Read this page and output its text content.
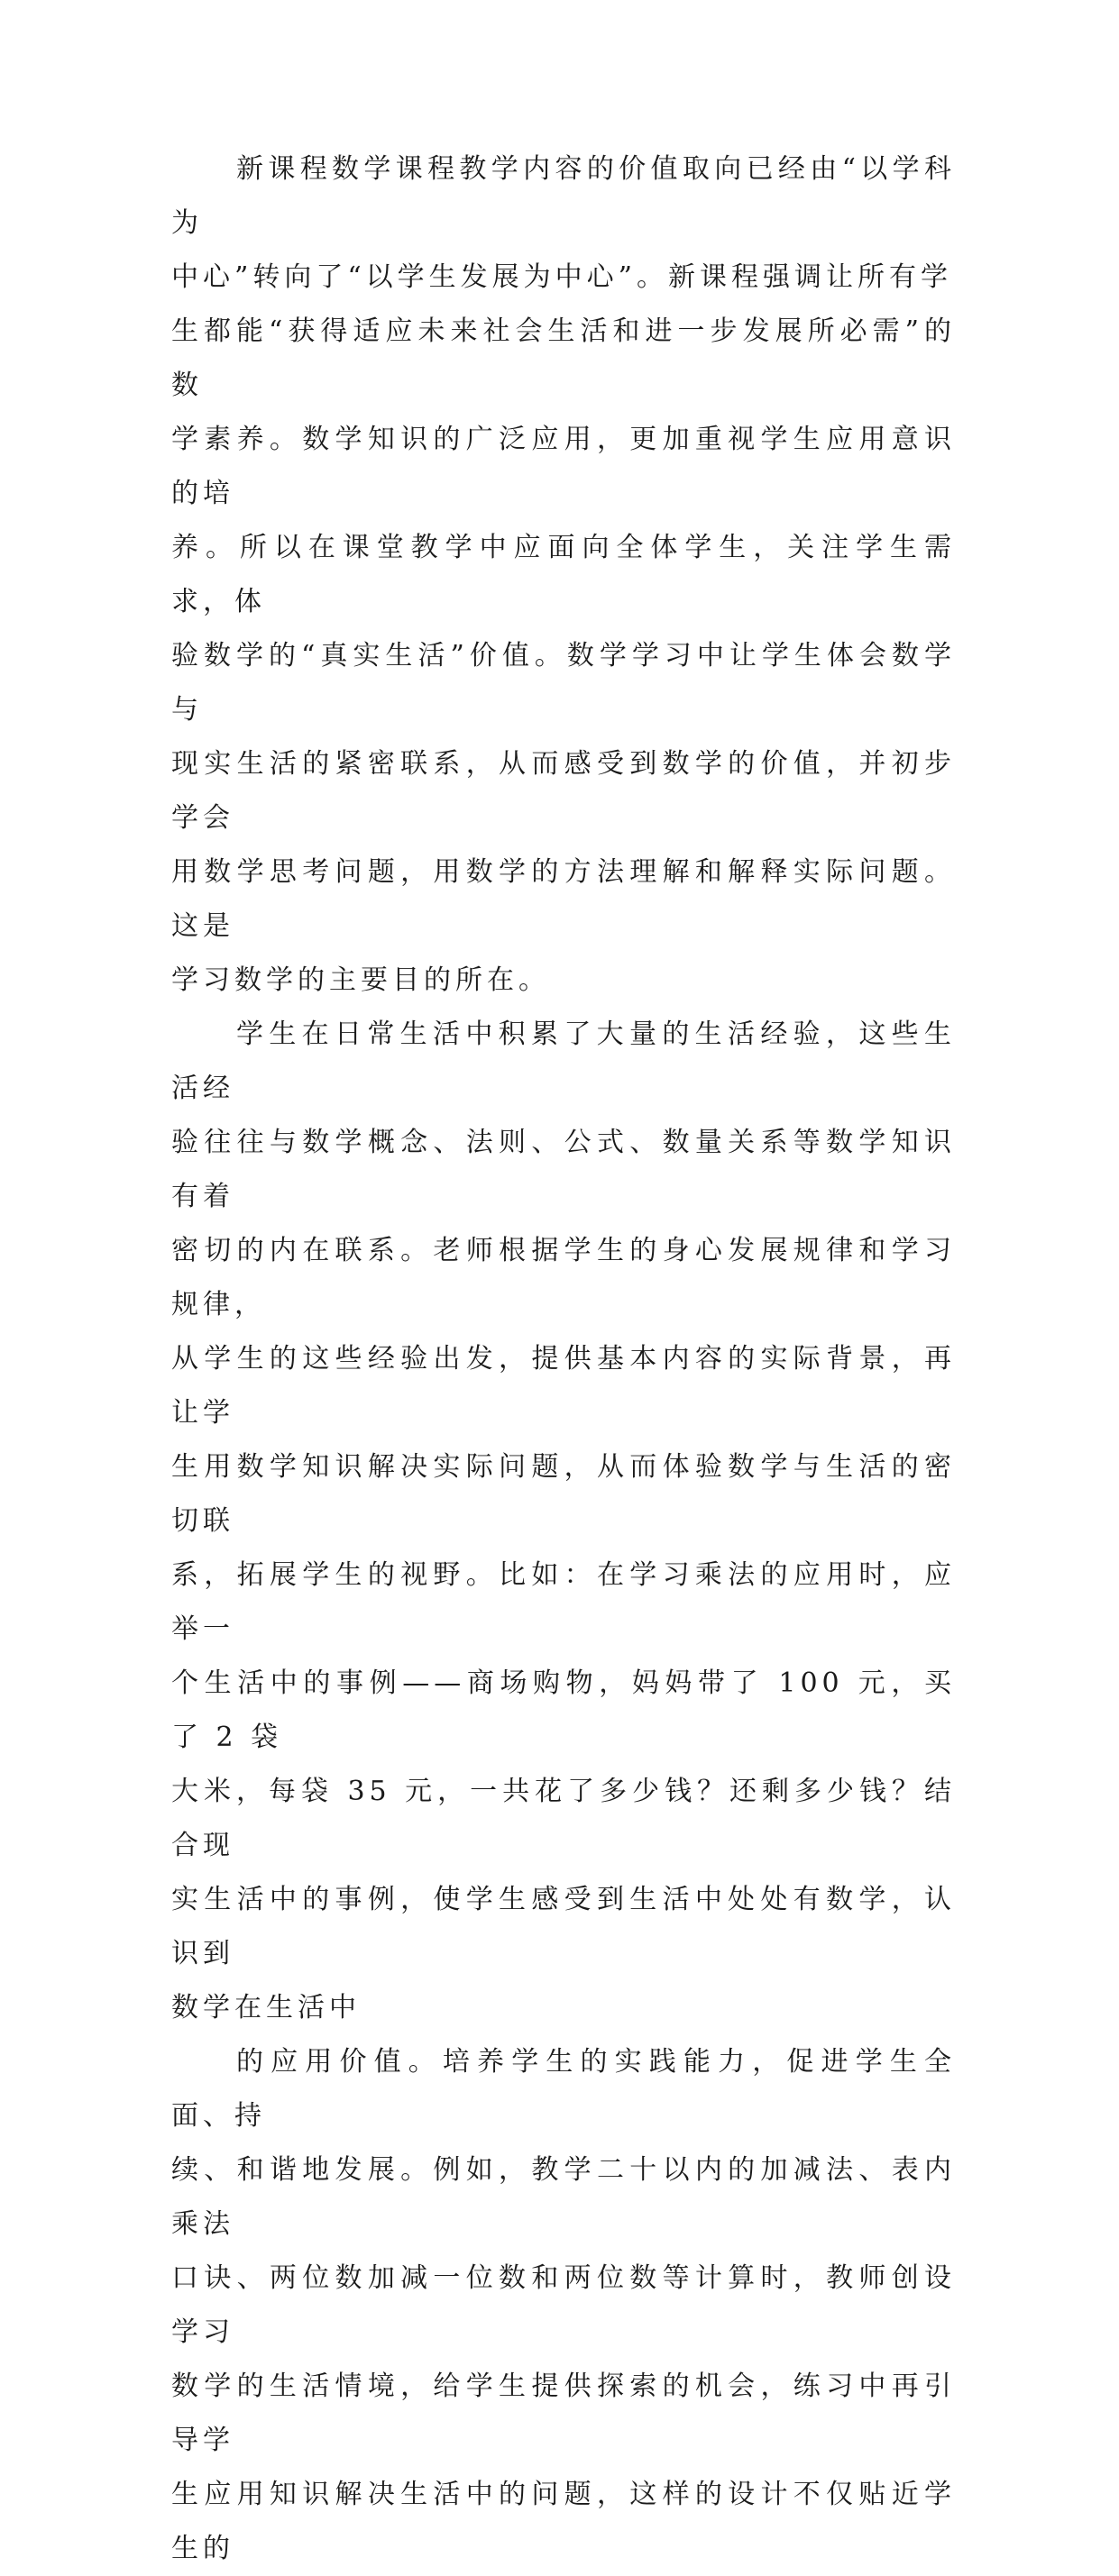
新课程数学课程教学内容的价值取向已经由“以学科为
中心”转向了“以学生发展为中心”。新课程强调让所有学
生都能“获得适应未来社会生活和进一步发展所必需”的数
学素养。数学知识的广泛应用，更加重视学生应用意识的培
养。所以在课堂教学中应面向全体学生，关注学生需求，体
验数学的“真实生活”价值。数学学习中让学生体会数学与
现实生活的紧密联系，从而感受到数学的价值，并初步学会
用数学思考问题，用数学的方法理解和解释实际问题。这是
学习数学的主要目的所在。

学生在日常生活中积累了大量的生活经验，这些生活经
验往往与数学概念、法则、公式、数量关系等数学知识有着
密切的内在联系。老师根据学生的身心发展规律和学习规律，
从学生的这些经验出发，提供基本内容的实际背景，再让学
生用数学知识解决实际问题，从而体验数学与生活的密切联
系，拓展学生的视野。比如：在学习乘法的应用时，应举一
个生活中的事例——商场购物，妈妈带了 100 元，买了 2 袋
大米，每袋 35 元，一共花了多少钱？还剩多少钱？结合现
实生活中的事例，使学生感受到生活中处处有数学，认识到
数学在生活中

的应用价值。培养学生的实践能力，促进学生全面、持
续、和谐地发展。例如，教学二十以内的加减法、表内乘法
口诀、两位数加减一位数和两位数等计算时，教师创设学习
数学的生活情境，给学生提供探索的机会，练习中再引导学
生应用知识解决生活中的问题，这样的设计不仅贴近学生的
